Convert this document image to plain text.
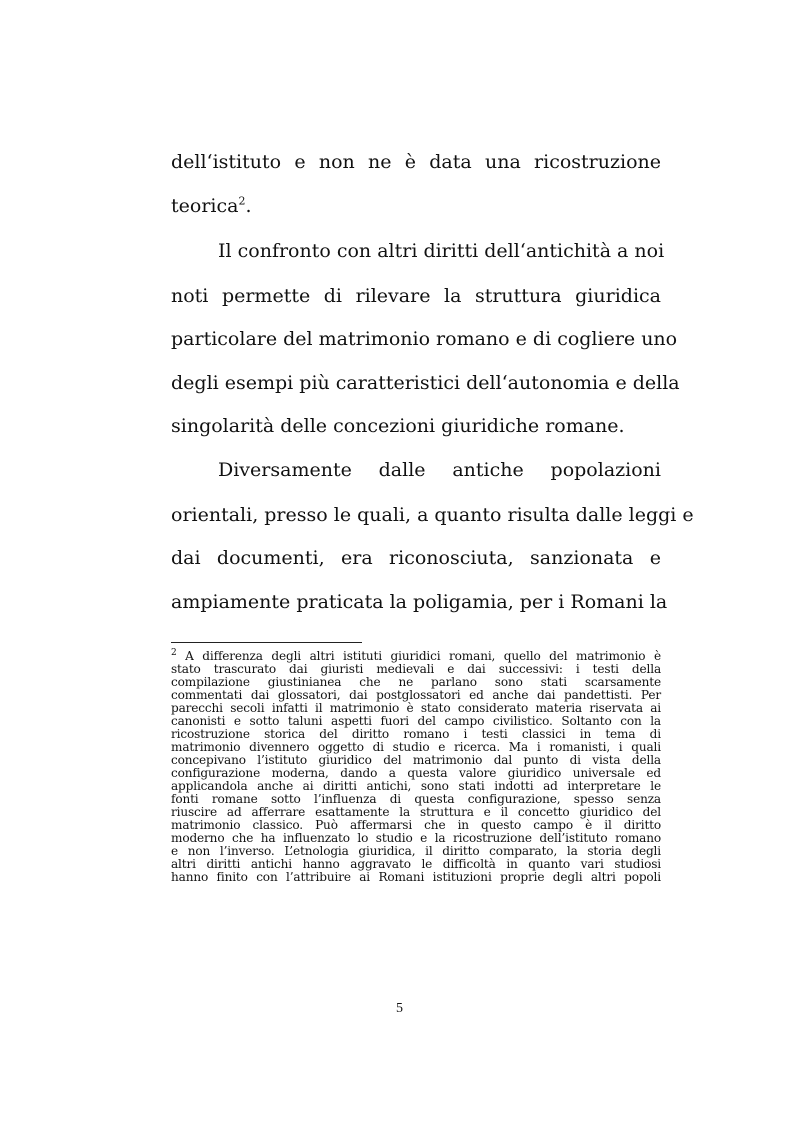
dell‘istituto e non ne è data una ricostruzione
teorica$^2$.
Il confronto con altri diritti dell‘antichità a noi
noti permette di rilevare la struttura giuridica
particolare del matrimonio romano e di cogliere uno
degli esempi più caratteristici dell‘autonomia e della
singolarità delle concezioni giuridiche romane.
Diversamente dalle antiche popolazioni
orientali, presso le quali, a quanto risulta dalle leggi e
dai documenti, era riconosciuta, sanzionata e
ampiamente praticata la poligamia, per i Romani la
$^2$ A differenza degli altri istituti giuridici romani, quello del matrimonio è
stato trascurato dai giuristi medievali e dai successivi: i testi della
compilazione giustinianea che ne parlano sono stati scarsamente
commentati dai glossatori, dai postglossatori ed anche dai pandettisti. Per
parecchi secoli infatti il matrimonio è stato considerato materia riservata ai
canonisti e sotto taluni aspetti fuori del campo civilistico. Soltanto con la
ricostruzione storica del diritto romano i testi classici in tema di
matrimonio divennero oggetto di studio e ricerca. Ma i romanisti, i quali
concepivano l’istituto giuridico del matrimonio dal punto di vista della
configurazione moderna, dando a questa valore giuridico universale ed
applicandola anche ai diritti antichi, sono stati indotti ad interpretare le
fonti romane sotto l’influenza di questa configurazione, spesso senza
riuscire ad afferrare esattamente la struttura e il concetto giuridico del
matrimonio classico. Può affermarsi che in questo campo è il diritto
moderno che ha influenzato lo studio e la ricostruzione dell’istituto romano
e non l’inverso. L’etnologia giuridica, il diritto comparato, la storia degli
altri diritti antichi hanno aggravato le difficoltà in quanto vari studiosi
hanno finito con l’attribuire ai Romani istituzioni proprie degli altri popoli
5
